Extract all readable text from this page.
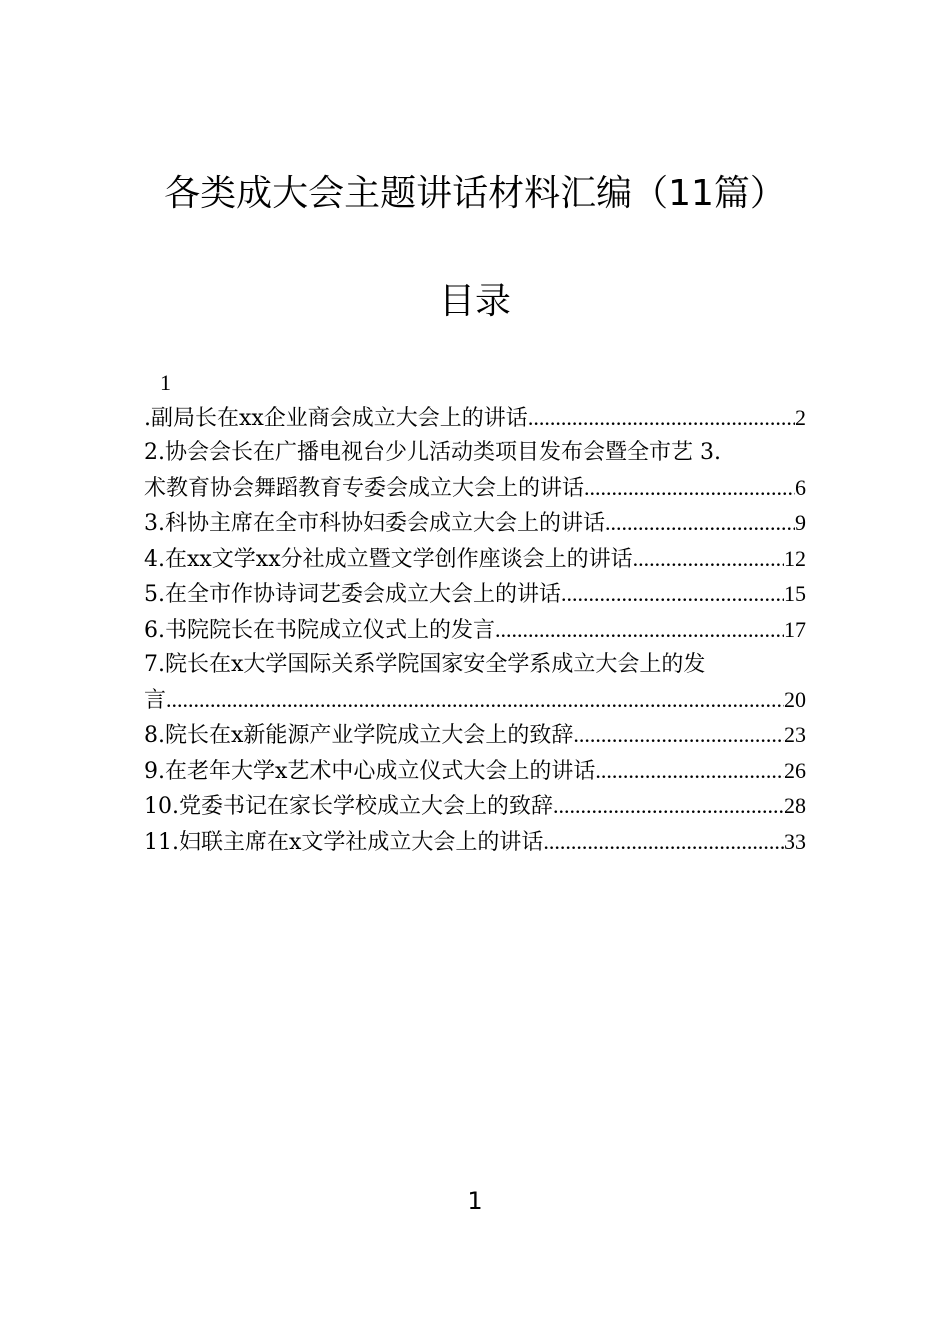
各类成大会主题讲话材料汇编（11篇）
目录
1
.副局长在xx企业商会成立大会上的讲话 .....	2
2.协会会长在广播电视台少儿活动类项目发布会暨全市艺 3.
术教育协会舞蹈教育专委会成立大会上的讲话 .....	6
3.科协主席在全市科协妇委会成立大会上的讲话 .....	9
4.在xx文学xx分社成立暨文学创作座谈会上的讲话 .....	12
5.在全市作协诗词艺委会成立大会上的讲话 .....	15
6.书院院长在书院成立仪式上的发言 .....	17
7.院长在x大学国际关系学院国家安全学系成立大会上的发
言 .....	20
8.院长在x新能源产业学院成立大会上的致辞 .....	23
9.在老年大学x艺术中心成立仪式大会上的讲话 .....	26
10.党委书记在家长学校成立大会上的致辞 .....	28
11.妇联主席在x文学社成立大会上的讲话 .....	33
1
